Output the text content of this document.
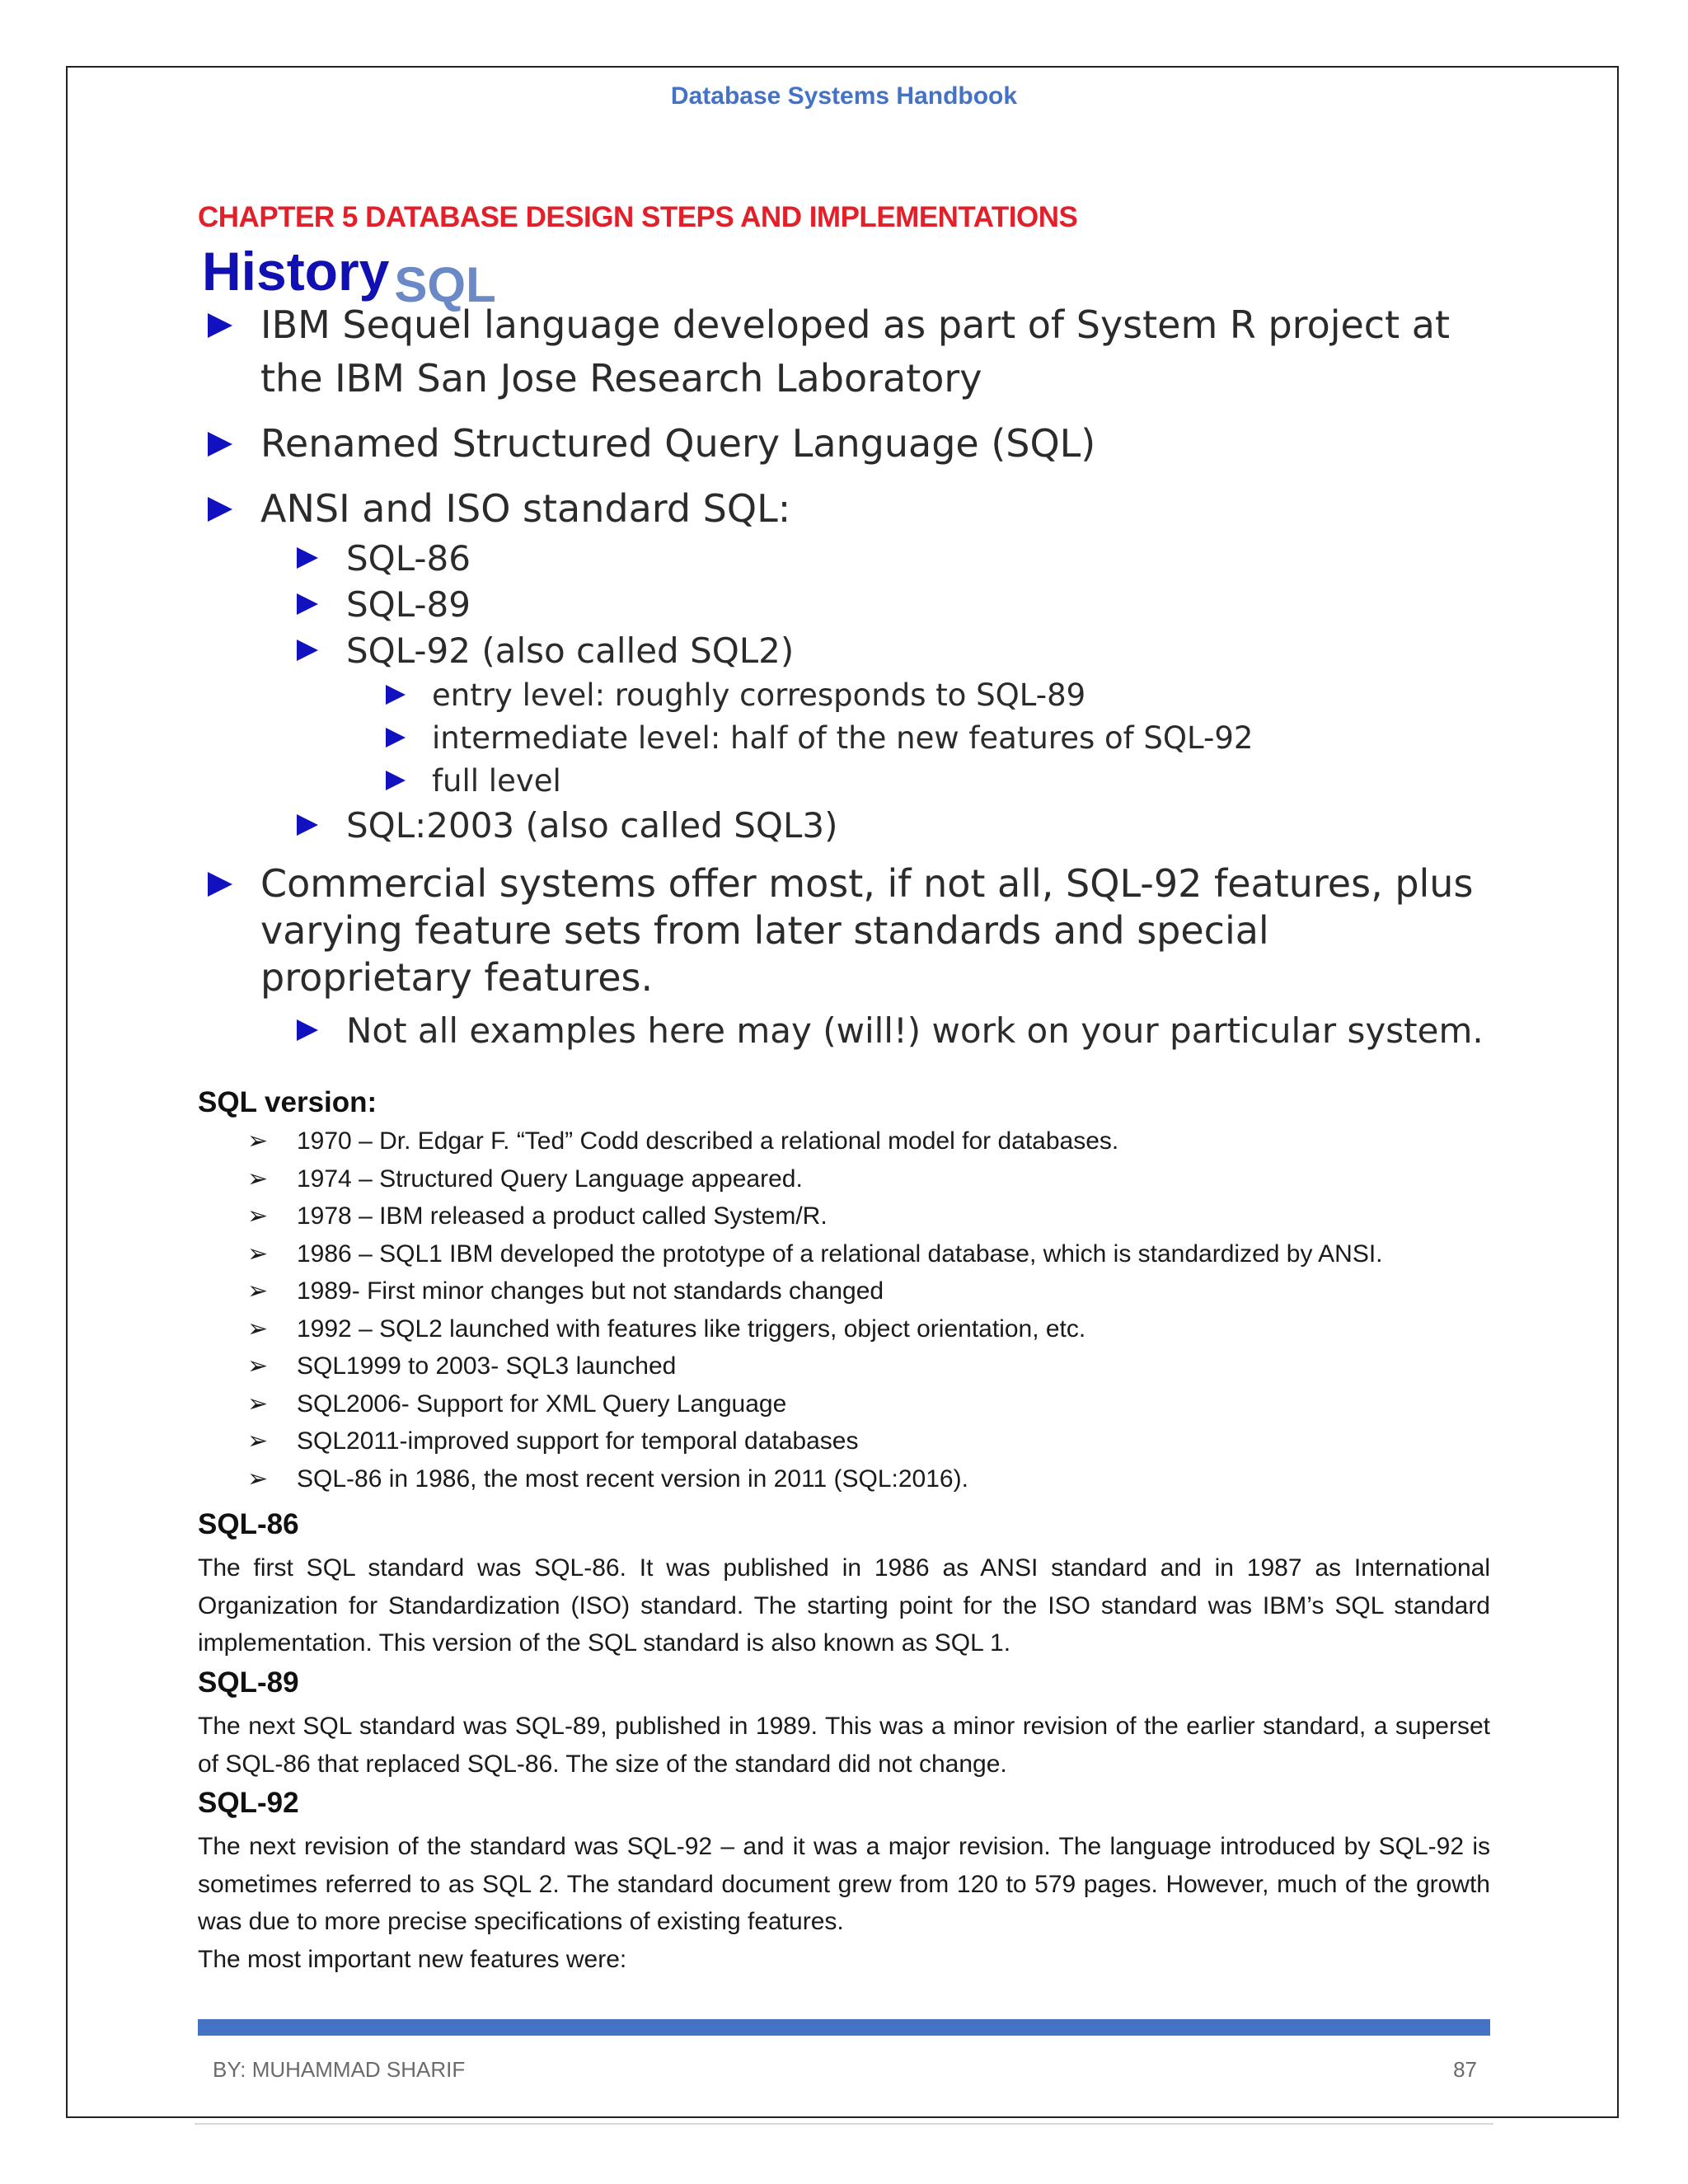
Database Systems Handbook
CHAPTER 5 DATABASE DESIGN STEPS AND IMPLEMENTATIONS
History SQL
IBM Sequel language developed as part of System R project at the IBM San Jose Research Laboratory
Renamed Structured Query Language (SQL)
ANSI and ISO standard SQL:
SQL-86
SQL-89
SQL-92 (also called SQL2)
entry level: roughly corresponds to SQL-89
intermediate level: half of the new features of SQL-92
full level
SQL:2003 (also called SQL3)
Commercial systems offer most, if not all, SQL-92 features, plus varying feature sets from later standards and special proprietary features.
Not all examples here may (will!) work on your particular system.
SQL version:
➢ 1970 – Dr. Edgar F. “Ted” Codd described a relational model for databases.
➢ 1974 – Structured Query Language appeared.
➢ 1978 – IBM released a product called System/R.
➢ 1986 – SQL1 IBM developed the prototype of a relational database, which is standardized by ANSI.
➢ 1989- First minor changes but not standards changed
➢ 1992 – SQL2 launched with features like triggers, object orientation, etc.
➢ SQL1999 to 2003- SQL3 launched
➢ SQL2006- Support for XML Query Language
➢ SQL2011-improved support for temporal databases
➢ SQL-86 in 1986, the most recent version in 2011 (SQL:2016).
SQL-86

The first SQL standard was SQL-86. It was published in 1986 as ANSI standard and in 1987 as International Organization for Standardization (ISO) standard. The starting point for the ISO standard was IBM’s SQL standard implementation. This version of the SQL standard is also known as SQL 1.

SQL-89

The next SQL standard was SQL-89, published in 1989. This was a minor revision of the earlier standard, a superset of SQL-86 that replaced SQL-86. The size of the standard did not change.

SQL-92

The next revision of the standard was SQL-92 – and it was a major revision. The language introduced by SQL-92 is sometimes referred to as SQL 2. The standard document grew from 120 to 579 pages. However, much of the growth was due to more precise specifications of existing features.

The most important new features were:

BY: MUHAMMAD SHARIF	87
